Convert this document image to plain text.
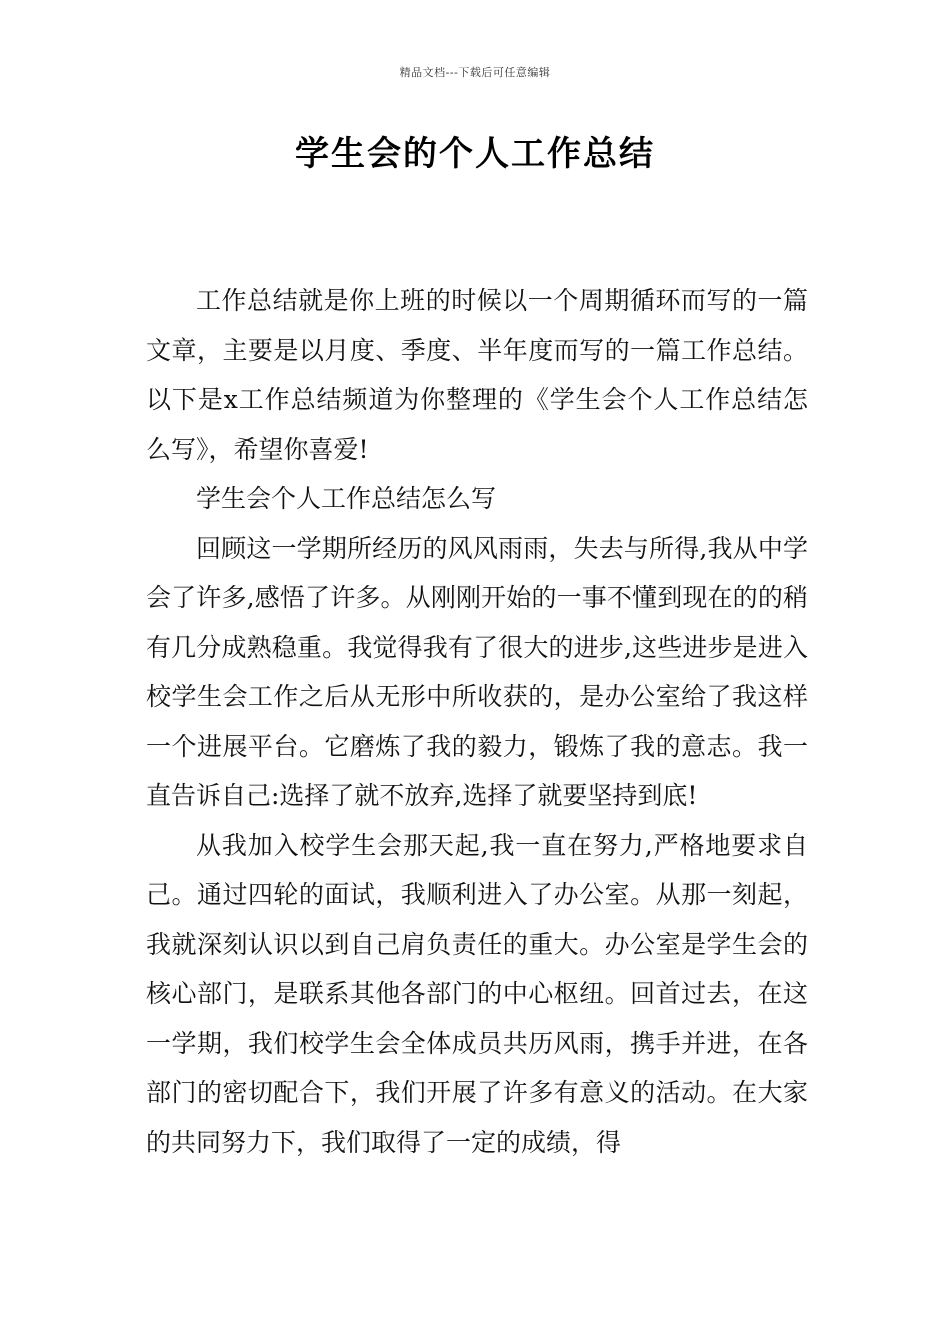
精品文档---下载后可任意编辑
学生会的个人工作总结

工作总结就是你上班的时候以一个周期循环而写的一篇文章，主要是以月度、季度、半年度而写的一篇工作总结。以下是x工作总结频道为你整理的《学生会个人工作总结怎么写》，希望你喜爱!

学生会个人工作总结怎么写

回顾这一学期所经历的风风雨雨，失去与所得,我从中学会了许多,感悟了许多。从刚刚开始的一事不懂到现在的的稍有几分成熟稳重。我觉得我有了很大的进步,这些进步是进入校学生会工作之后从无形中所收获的，是办公室给了我这样一个进展平台。它磨炼了我的毅力，锻炼了我的意志。我一直告诉自己:选择了就不放弃,选择了就要坚持到底!

从我加入校学生会那天起,我一直在努力,严格地要求自己。通过四轮的面试，我顺利进入了办公室。从那一刻起，我就深刻认识以到自己肩负责任的重大。办公室是学生会的核心部门，是联系其他各部门的中心枢纽。回首过去，在这一学期，我们校学生会全体成员共历风雨，携手并进，在各部门的密切配合下，我们开展了许多有意义的活动。在大家的共同努力下，我们取得了一定的成绩，得
